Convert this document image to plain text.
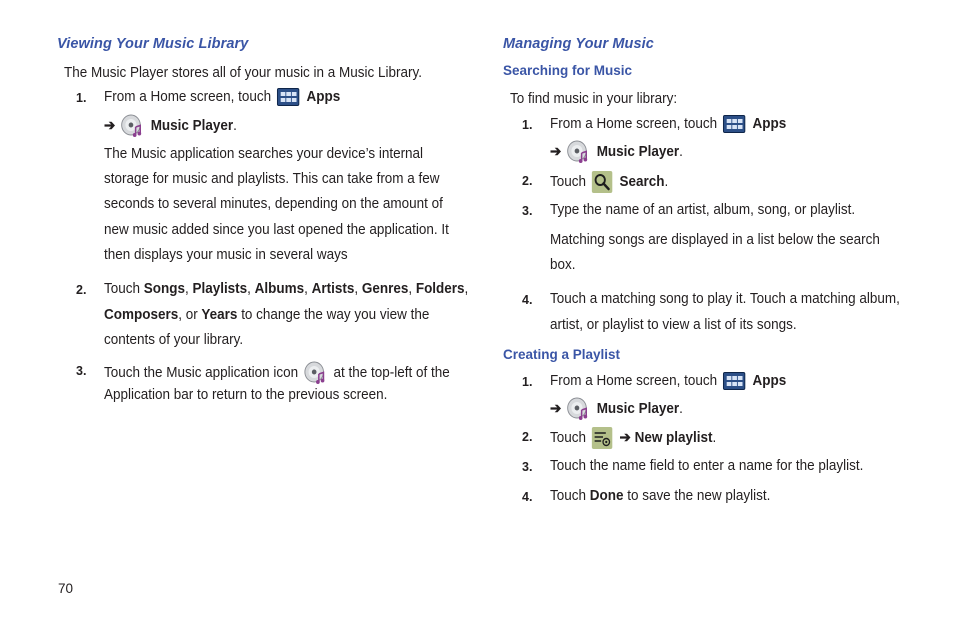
Viewing Your Music Library
The Music Player stores all of your music in a Music Library.
1. From a Home screen, touch Apps
➔ Music Player.
The Music application searches your device’s internal
storage for music and playlists. This can take from a few
seconds to several minutes, depending on the amount of
new music added since you last opened the application. It
then displays your music in several ways
2. Touch Songs, Playlists, Albums, Artists, Genres, Folders,
Composers, or Years to change the way you view the
contents of your library.
3. Touch the Music application icon at the top-left of the
Application bar to return to the previous screen.
Managing Your Music
Searching for Music
To find music in your library:
1. From a Home screen, touch Apps
➔ Music Player.
2. Touch Search.
3. Type the name of an artist, album, song, or playlist.
Matching songs are displayed in a list below the search
box.
4. Touch a matching song to play it. Touch a matching album,
artist, or playlist to view a list of its songs.
Creating a Playlist
1. From a Home screen, touch Apps
➔ Music Player.
2. Touch ➔ New playlist.
3. Touch the name field to enter a name for the playlist.
4. Touch Done to save the new playlist.
70
